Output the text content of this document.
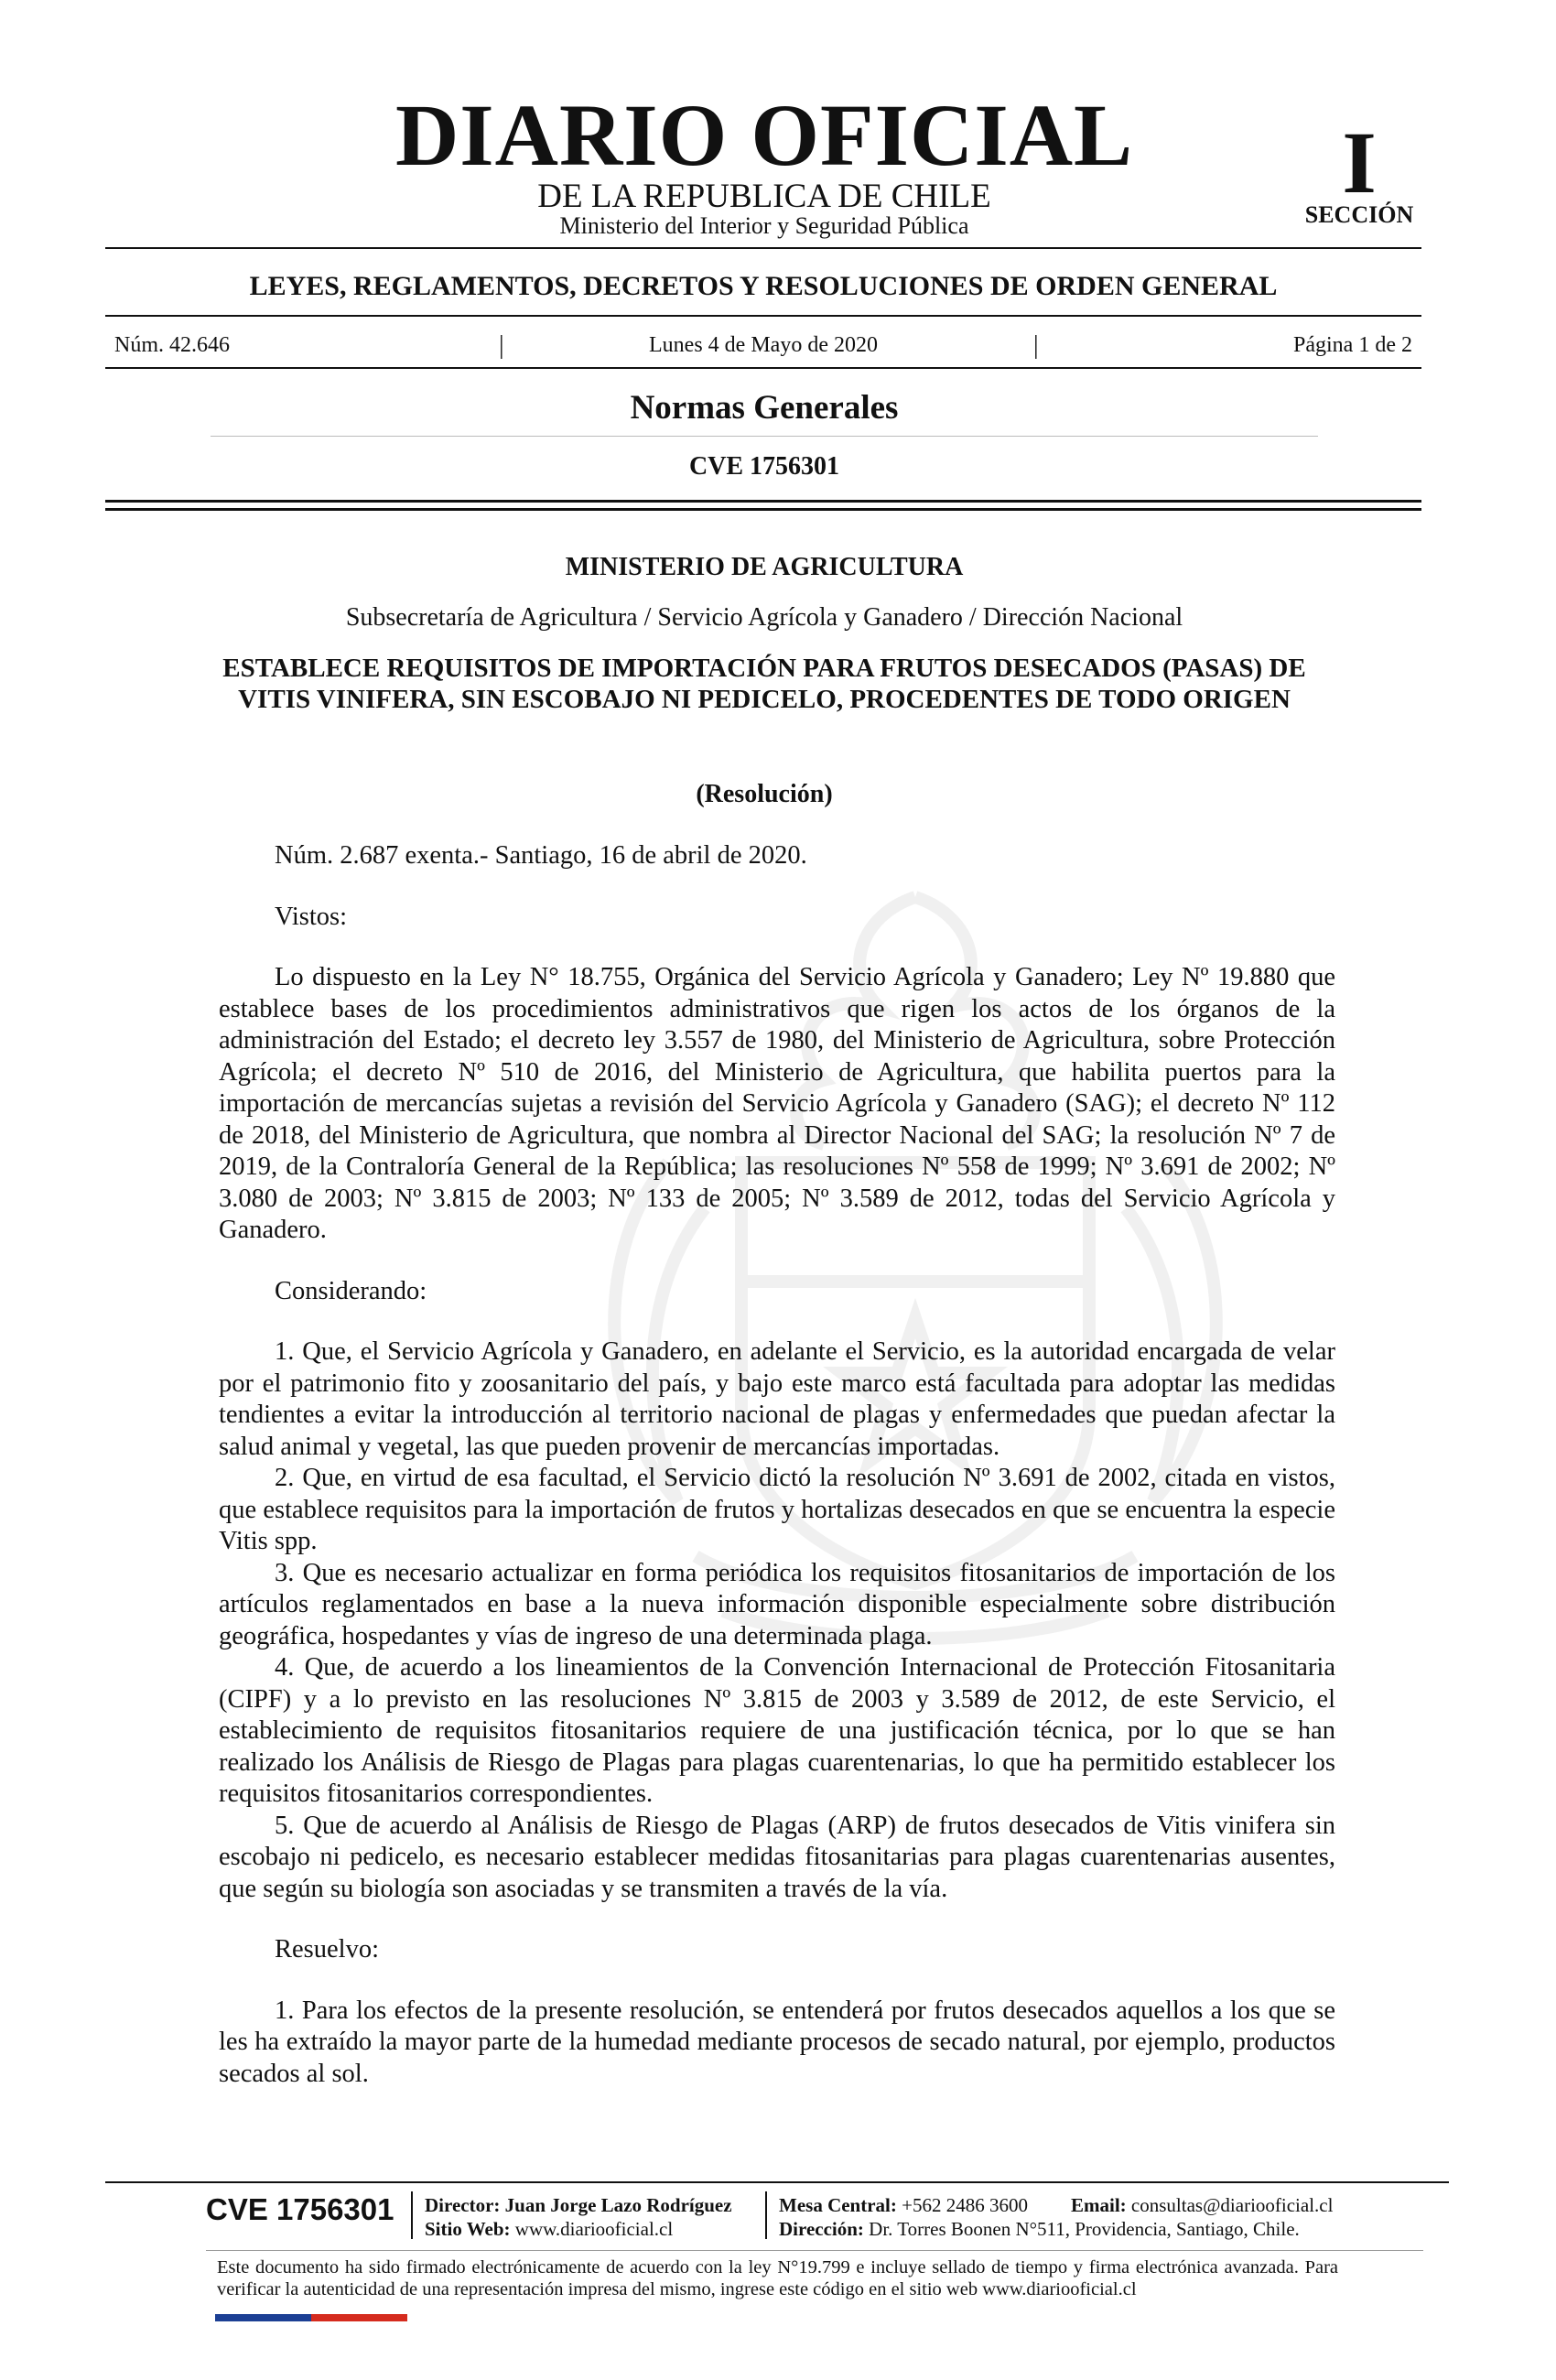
DIARIO OFICIAL
DE LA REPUBLICA DE CHILE
Ministerio del Interior y Seguridad Pública
I
SECCIÓN
LEYES, REGLAMENTOS, DECRETOS Y RESOLUCIONES DE ORDEN GENERAL
Núm. 42.646	|	Lunes 4 de Mayo de 2020	|	Página 1 de 2
Normas Generales
CVE 1756301
MINISTERIO DE AGRICULTURA
Subsecretaría de Agricultura / Servicio Agrícola y Ganadero / Dirección Nacional
ESTABLECE REQUISITOS DE IMPORTACIÓN PARA FRUTOS DESECADOS (PASAS) DE VITIS VINIFERA, SIN ESCOBAJO NI PEDICELO, PROCEDENTES DE TODO ORIGEN
(Resolución)

Núm. 2.687 exenta.- Santiago, 16 de abril de 2020.

Vistos:

Lo dispuesto en la Ley N° 18.755, Orgánica del Servicio Agrícola y Ganadero; Ley Nº 19.880 que establece bases de los procedimientos administrativos que rigen los actos de los órganos de la administración del Estado; el decreto ley 3.557 de 1980, del Ministerio de Agricultura, sobre Protección Agrícola; el decreto Nº 510 de 2016, del Ministerio de Agricultura, que habilita puertos para la importación de mercancías sujetas a revisión del Servicio Agrícola y Ganadero (SAG); el decreto Nº 112 de 2018, del Ministerio de Agricultura, que nombra al Director Nacional del SAG; la resolución Nº 7 de 2019, de la Contraloría General de la República; las resoluciones Nº 558 de 1999; Nº 3.691 de 2002; Nº 3.080 de 2003; Nº 3.815 de 2003; Nº 133 de 2005; Nº 3.589 de 2012, todas del Servicio Agrícola y Ganadero.

Considerando:

1. Que, el Servicio Agrícola y Ganadero, en adelante el Servicio, es la autoridad encargada de velar por el patrimonio fito y zoosanitario del país, y bajo este marco está facultada para adoptar las medidas tendientes a evitar la introducción al territorio nacional de plagas y enfermedades que puedan afectar la salud animal y vegetal, las que pueden provenir de mercancías importadas.

2. Que, en virtud de esa facultad, el Servicio dictó la resolución Nº 3.691 de 2002, citada en vistos, que establece requisitos para la importación de frutos y hortalizas desecados en que se encuentra la especie Vitis spp.

3. Que es necesario actualizar en forma periódica los requisitos fitosanitarios de importación de los artículos reglamentados en base a la nueva información disponible especialmente sobre distribución geográfica, hospedantes y vías de ingreso de una determinada plaga.

4. Que, de acuerdo a los lineamientos de la Convención Internacional de Protección Fitosanitaria (CIPF) y a lo previsto en las resoluciones Nº 3.815 de 2003 y 3.589 de 2012, de este Servicio, el establecimiento de requisitos fitosanitarios requiere de una justificación técnica, por lo que se han realizado los Análisis de Riesgo de Plagas para plagas cuarentenarias, lo que ha permitido establecer los requisitos fitosanitarios correspondientes.

5. Que de acuerdo al Análisis de Riesgo de Plagas (ARP) de frutos desecados de Vitis vinifera sin escobajo ni pedicelo, es necesario establecer medidas fitosanitarias para plagas cuarentenarias ausentes, que según su biología son asociadas y se transmiten a través de la vía.

Resuelvo:

1. Para los efectos de la presente resolución, se entenderá por frutos desecados aquellos a los que se les ha extraído la mayor parte de la humedad mediante procesos de secado natural, por ejemplo, productos secados al sol.

CVE 1756301 Director: Juan Jorge Lazo Rodríguez
Sitio Web: www.diariooficial.cl
Mesa Central: +562 2486 3600 Email: consultas@diariooficial.cl
Dirección: Dr. Torres Boonen N°511, Providencia, Santiago, Chile.
Este documento ha sido firmado electrónicamente de acuerdo con la ley N°19.799 e incluye sellado de tiempo y firma electrónica avanzada. Para verificar la autenticidad de una representación impresa del mismo, ingrese este código en el sitio web www.diariooficial.cl
